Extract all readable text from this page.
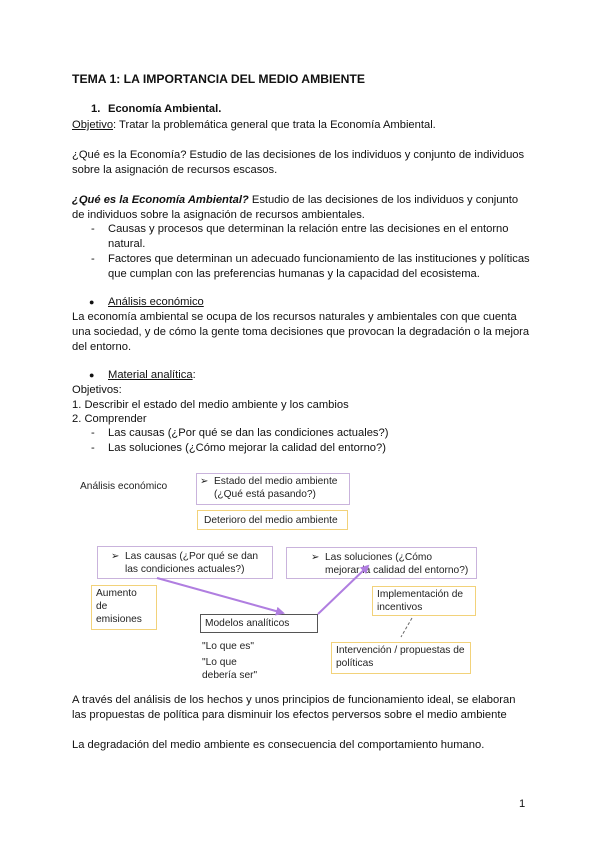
TEMA 1: LA IMPORTANCIA DEL MEDIO AMBIENTE
1. Economía Ambiental.
Objetivo: Tratar la problemática general que trata la Economía Ambiental.
¿Qué es la Economía? Estudio de las decisiones de los individuos y conjunto de individuos
sobre la asignación de recursos escasos.
¿Qué es la Economía Ambiental? Estudio de las decisiones de los individuos y conjunto
de individuos sobre la asignación de recursos ambientales.
- Causas y procesos que determinan la relación entre las decisiones en el entorno
natural.
- Factores que determinan un adecuado funcionamiento de las instituciones y políticas
que cumplan con las preferencias humanas y la capacidad del ecosistema.
● Análisis económico
La economía ambiental se ocupa de los recursos naturales y ambientales con que cuenta
una sociedad, y de cómo la gente toma decisiones que provocan la degradación o la mejora
del entorno.
● Material analítica:
Objetivos:
1. Describir el estado del medio ambiente y los cambios
2. Comprender
- Las causas (¿Por qué se dan las condiciones actuales?)
- Las soluciones (¿Cómo mejorar la calidad del entorno?)
Análisis económico	➢ Estado del medio ambiente
(¿Qué está pasando?)
Deterioro del medio ambiente
➢ Las causas (¿Por qué se dan
las condiciones actuales?)
➢ Las soluciones (¿Cómo
mejorar la calidad del entorno?)
Aumento
de
emisiones
Implementación de
incentivos
Modelos analíticos
"Lo que es"
"Lo que
debería ser"
Intervención / propuestas de
políticas
A través del análisis de los hechos y unos principios de funcionamiento ideal, se elaboran
las propuestas de política para disminuir los efectos perversos sobre el medio ambiente
La degradación del medio ambiente es consecuencia del comportamiento humano.
1
